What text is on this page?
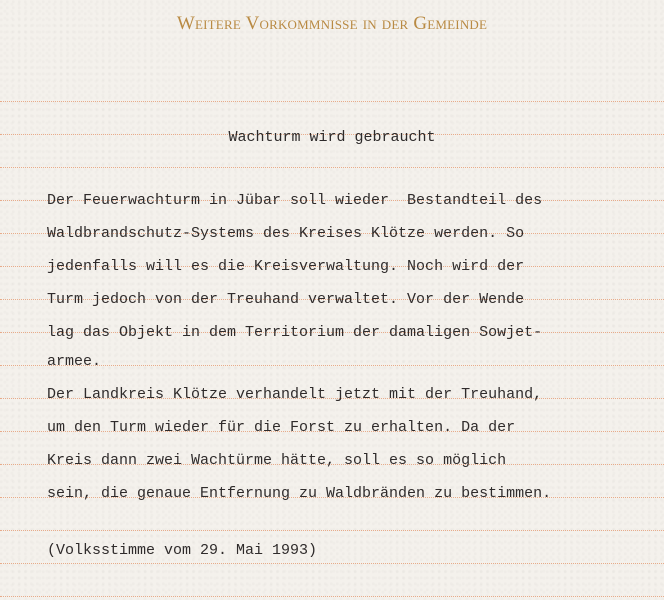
Weitere Vorkommnisse in der Gemeinde
Wachturm wird gebraucht
Der Feuerwachturm in Jübar soll wieder  Bestandteil des
Waldbrandschutz-Systems des Kreises Klötze werden. So
jedenfalls will es die Kreisverwaltung. Noch wird der
Turm jedoch von der Treuhand verwaltet. Vor der Wende
lag das Objekt in dem Territorium der damaligen Sowjet-
armee.
Der Landkreis Klötze verhandelt jetzt mit der Treuhand,
um den Turm wieder für die Forst zu erhalten. Da der
Kreis dann zwei Wachtürme hätte, soll es so möglich
sein, die genaue Entfernung zu Waldbränden zu bestimmen.
(Volksstimme vom 29. Mai 1993)
